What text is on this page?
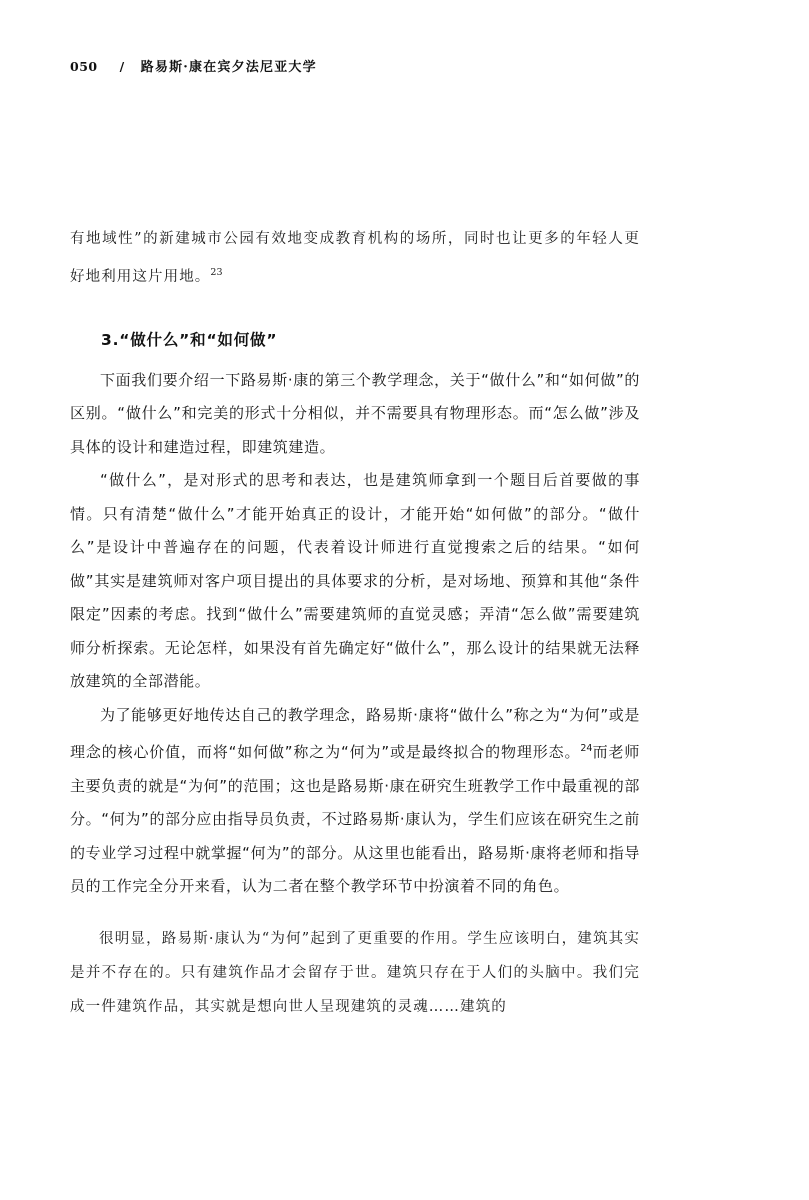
050 / 路易斯·康在宾夕法尼亚大学

有地域性”的新建城市公园有效地变成教育机构的场所，同时也让更多的年轻人更好地利用这片用地。$^{23}$

3.“做什么”和“如何做”

下面我们要介绍一下路易斯·康的第三个教学理念，关于“做什么”和“如何做”的区别。“做什么”和完美的形式十分相似，并不需要具有物理形态。而“怎么做”涉及具体的设计和建造过程，即建筑建造。

“做什么”，是对形式的思考和表达，也是建筑师拿到一个题目后首要做的事情。只有清楚“做什么”才能开始真正的设计，才能开始“如何做”的部分。“做什么”是设计中普遍存在的问题，代表着设计师进行直觉搜索之后的结果。“如何做”其实是建筑师对客户项目提出的具体要求的分析，是对场地、预算和其他“条件限定”因素的考虑。找到“做什么”需要建筑师的直觉灵感；弄清“怎么做”需要建筑师分析探索。无论怎样，如果没有首先确定好“做什么”，那么设计的结果就无法释放建筑的全部潜能。

为了能够更好地传达自己的教学理念，路易斯·康将“做什么”称之为“为何”或是理念的核心价值，而将“如何做”称之为“何为”或是最终拟合的物理形态。$^{24}$而老师主要负责的就是“为何”的范围；这也是路易斯·康在研究生班教学工作中最重视的部分。“何为”的部分应由指导员负责，不过路易斯·康认为，学生们应该在研究生之前的专业学习过程中就掌握“何为”的部分。从这里也能看出，路易斯·康将老师和指导员的工作完全分开来看，认为二者在整个教学环节中扮演着不同的角色。

很明显，路易斯·康认为“为何”起到了更重要的作用。学生应该明白，建筑其实是并不存在的。只有建筑作品才会留存于世。建筑只存在于人们的头脑中。我们完成一件建筑作品，其实就是想向世人呈现建筑的灵魂……建筑的
